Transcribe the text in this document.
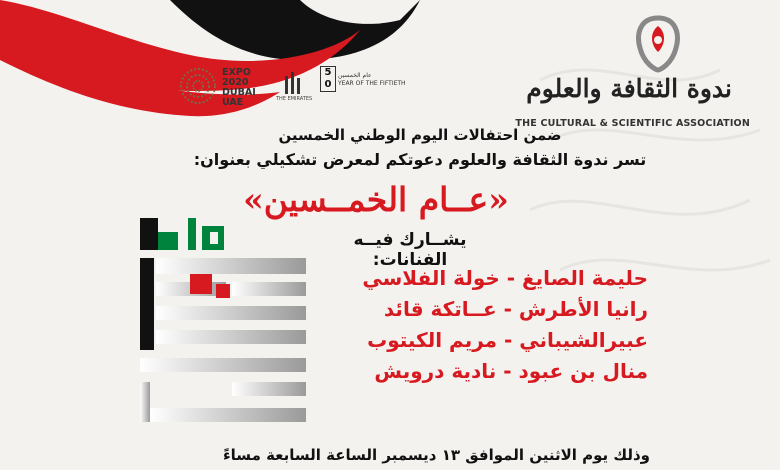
ندوة الثقافة والعلوم
THE CULTURAL & SCIENTIFIC ASSOCIATION
EXPO
2020
DUBAI
UAE	THE EMIRATES
5
0
عام الخمسين
YEAR OF THE FIFTIETH
ضمن احتفالات اليوم الوطني الخمسين
تسر ندوة الثقافة والعلوم دعوتكم لمعرض تشكيلي بعنوان:
«عــام الخمــسين»
يشــارك فيــه الفنانات:
حليمة الصايغ - خولة الفلاسي
رانيا الأطرش - عــاتكة قائد
عبيرالشيباني - مريم الكيتوب
منال بن عبود - نادية درويش
وذلك يوم الاثنين الموافق ١٣ ديسمبر الساعة السابعة مساءً
